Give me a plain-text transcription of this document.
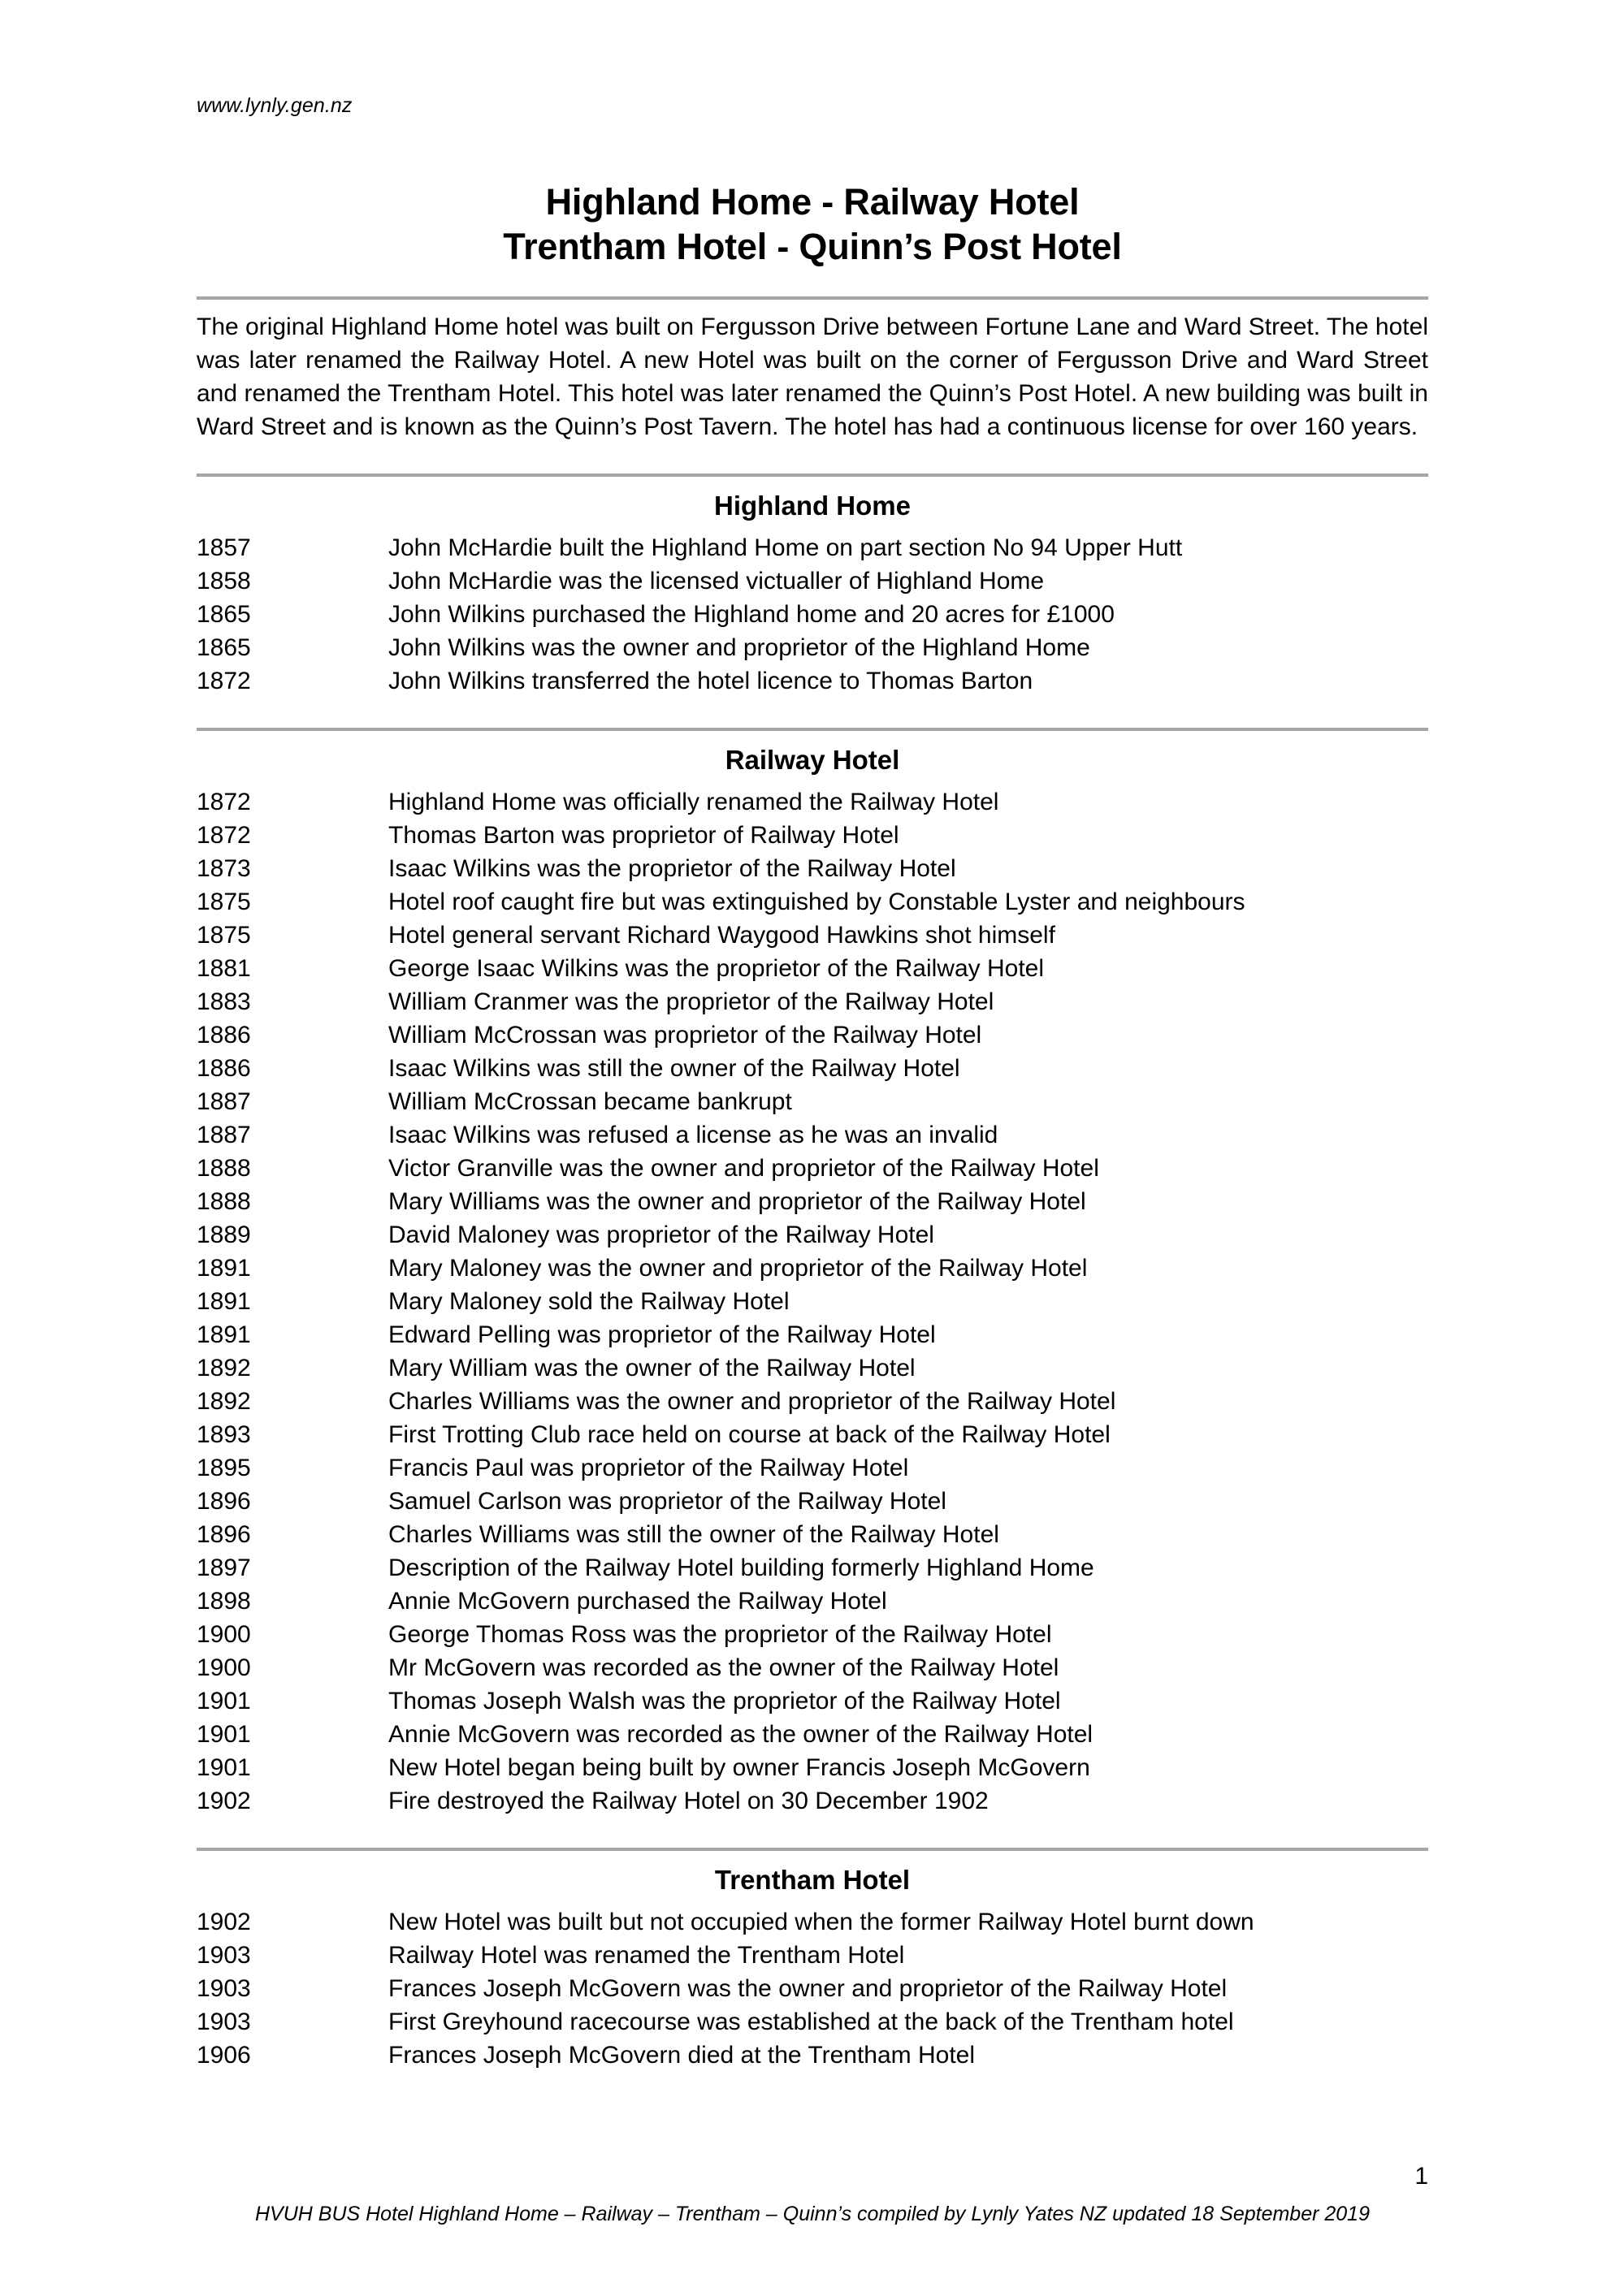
www.lynly.gen.nz
Highland Home - Railway Hotel
Trentham Hotel - Quinn’s Post Hotel

The original Highland Home hotel was built on Fergusson Drive between Fortune Lane and Ward Street. The hotel was later renamed the Railway Hotel. A new Hotel was built on the corner of Fergusson Drive and Ward Street and renamed the Trentham Hotel. This hotel was later renamed the Quinn’s Post Hotel. A new building was built in Ward Street and is known as the Quinn’s Post Tavern. The hotel has had a continuous license for over 160 years.

Highland Home
1857	John McHardie built the Highland Home on part section No 94 Upper Hutt
1858	John McHardie was the licensed victualler of Highland Home
1865	John Wilkins purchased the Highland home and 20 acres for £1000
1865	John Wilkins was the owner and proprietor of the Highland Home
1872	John Wilkins transferred the hotel licence to Thomas Barton
Railway Hotel
1872	Highland Home was officially renamed the Railway Hotel
1872	Thomas Barton was proprietor of Railway Hotel
1873	Isaac Wilkins was the proprietor of the Railway Hotel
1875	Hotel roof caught fire but was extinguished by Constable Lyster and neighbours
1875	Hotel general servant Richard Waygood Hawkins shot himself
1881	George Isaac Wilkins was the proprietor of the Railway Hotel
1883	William Cranmer was the proprietor of the Railway Hotel
1886	William McCrossan was proprietor of the Railway Hotel
1886	Isaac Wilkins was still the owner of the Railway Hotel
1887	William McCrossan became bankrupt
1887	Isaac Wilkins was refused a license as he was an invalid
1888	Victor Granville was the owner and proprietor of the Railway Hotel
1888	Mary Williams was the owner and proprietor of the Railway Hotel
1889	David Maloney was proprietor of the Railway Hotel
1891	Mary Maloney was the owner and proprietor of the Railway Hotel
1891	Mary Maloney sold the Railway Hotel
1891	Edward Pelling was proprietor of the Railway Hotel
1892	Mary William was the owner of the Railway Hotel
1892	Charles Williams was the owner and proprietor of the Railway Hotel
1893	First Trotting Club race held on course at back of the Railway Hotel
1895	Francis Paul was proprietor of the Railway Hotel
1896	Samuel Carlson was proprietor of the Railway Hotel
1896	Charles Williams was still the owner of the Railway Hotel
1897	Description of the Railway Hotel building formerly Highland Home
1898	Annie McGovern purchased the Railway Hotel
1900	George Thomas Ross was the proprietor of the Railway Hotel
1900	Mr McGovern was recorded as the owner of the Railway Hotel
1901	Thomas Joseph Walsh was the proprietor of the Railway Hotel
1901	Annie McGovern was recorded as the owner of the Railway Hotel
1901	New Hotel began being built by owner Francis Joseph McGovern
1902	Fire destroyed the Railway Hotel on 30 December 1902
Trentham Hotel
1902	New Hotel was built but not occupied when the former Railway Hotel burnt down
1903	Railway Hotel was renamed the Trentham Hotel
1903	Frances Joseph McGovern was the owner and proprietor of the Railway Hotel
1903	First Greyhound racecourse was established at the back of the Trentham hotel
1906	Frances Joseph McGovern died at the Trentham Hotel
1
HVUH BUS Hotel Highland Home – Railway – Trentham – Quinn’s compiled by Lynly Yates NZ updated 18 September 2019
